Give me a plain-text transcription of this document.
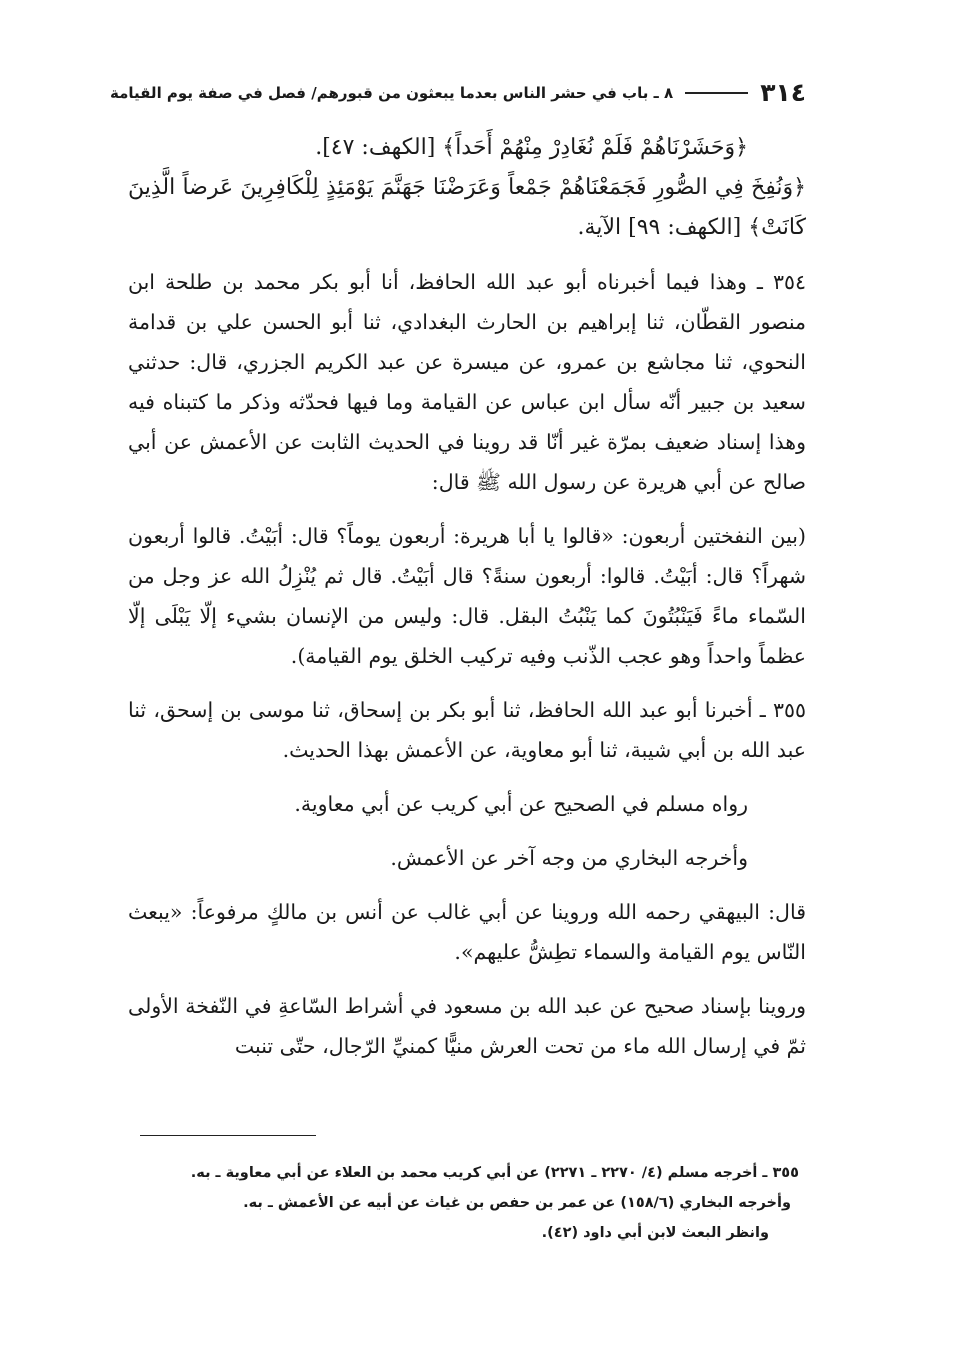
٣١٤
٨ ـ باب في حشر الناس بعدما يبعثون من قبورهم/ فصل في صفة يوم القيامة

﴿وَحَشَرْنَاهُمْ فَلَمْ نُغَادِرْ مِنْهُمْ أَحَداً﴾ [الكهف: ٤٧].

﴿وَنُفِخَ فِي الصُّورِ فَجَمَعْنَاهُمْ جَمْعاً وَعَرَضْنَا جَهَنَّمَ يَوْمَئِذٍ لِلْكَافِرِينَ عَرضاً الَّذِينَ كَانَتْ﴾ [الكهف: ٩٩] الآية.

٣٥٤ ـ وهذا فيما أخبرناه أبو عبد الله الحافظ، أنا أبو بكر محمد بن طلحة ابن منصور القطّان، ثنا إبراهيم بن الحارث البغدادي، ثنا أبو الحسن علي بن قدامة النحوي، ثنا مجاشع بن عمرو، عن ميسرة عن عبد الكريم الجزري، قال: حدثني سعيد بن جبير أنّه سأل ابن عباس عن القيامة وما فيها فحدّثه وذكر ما كتبناه فيه وهذا إسناد ضعيف بمرّة غير أنّا قد روينا في الحديث الثابت عن الأعمش عن أبي صالح عن أبي هريرة عن رسول الله ﷺ قال:

(بين النفختين أربعون: «قالوا يا أبا هريرة: أربعون يوماً؟ قال: أبَيْتُ. قالوا أربعون شهراً؟ قال: أبَيْتُ. قالوا: أربعون سنةً؟ قال أبَيْتُ. قال ثم يُنْزِلُ الله عز وجل من السّماء ماءً فَيَنْبُتُونَ كما يَنْبُتُ البقل. قال: وليس من الإنسان بشيء إلّا يَبْلَى إلّا عظماً واحداً وهو عجب الذّنب وفيه تركيب الخلق يوم القيامة).

٣٥٥ ـ أخبرنا أبو عبد الله الحافظ، ثنا أبو بكر بن إسحاق، ثنا موسى بن إسحق، ثنا عبد الله بن أبي شيبة، ثنا أبو معاوية، عن الأعمش بهذا الحديث.

رواه مسلم في الصحيح عن أبي كريب عن أبي معاوية.

وأخرجه البخاري من وجه آخر عن الأعمش.

قال: البيهقي رحمه الله وروينا عن أبي غالب عن أنس بن مالكٍ مرفوعاً: «يبعث النّاس يوم القيامة والسماء تطِشُّ عليهم».

وروينا بإسناد صحيح عن عبد الله بن مسعود في أشراط السّاعةِ في النّفخة الأولى ثمّ في إرسال الله ماء من تحت العرش منيًّا كمنيِّ الرّجال، حتّى تنبت

٣٥٥ ـ أخرجه مسلم (٤/ ٢٢٧٠ ـ ٢٢٧١) عن أبي كريب محمد بن العلاء عن أبي معاوية ـ به.

وأخرجه البخاري (١٥٨/٦) عن عمر بن حفص بن غياث عن أبيه عن الأعمش ـ به.

وانظر البعث لابن أبي داود (٤٢).
